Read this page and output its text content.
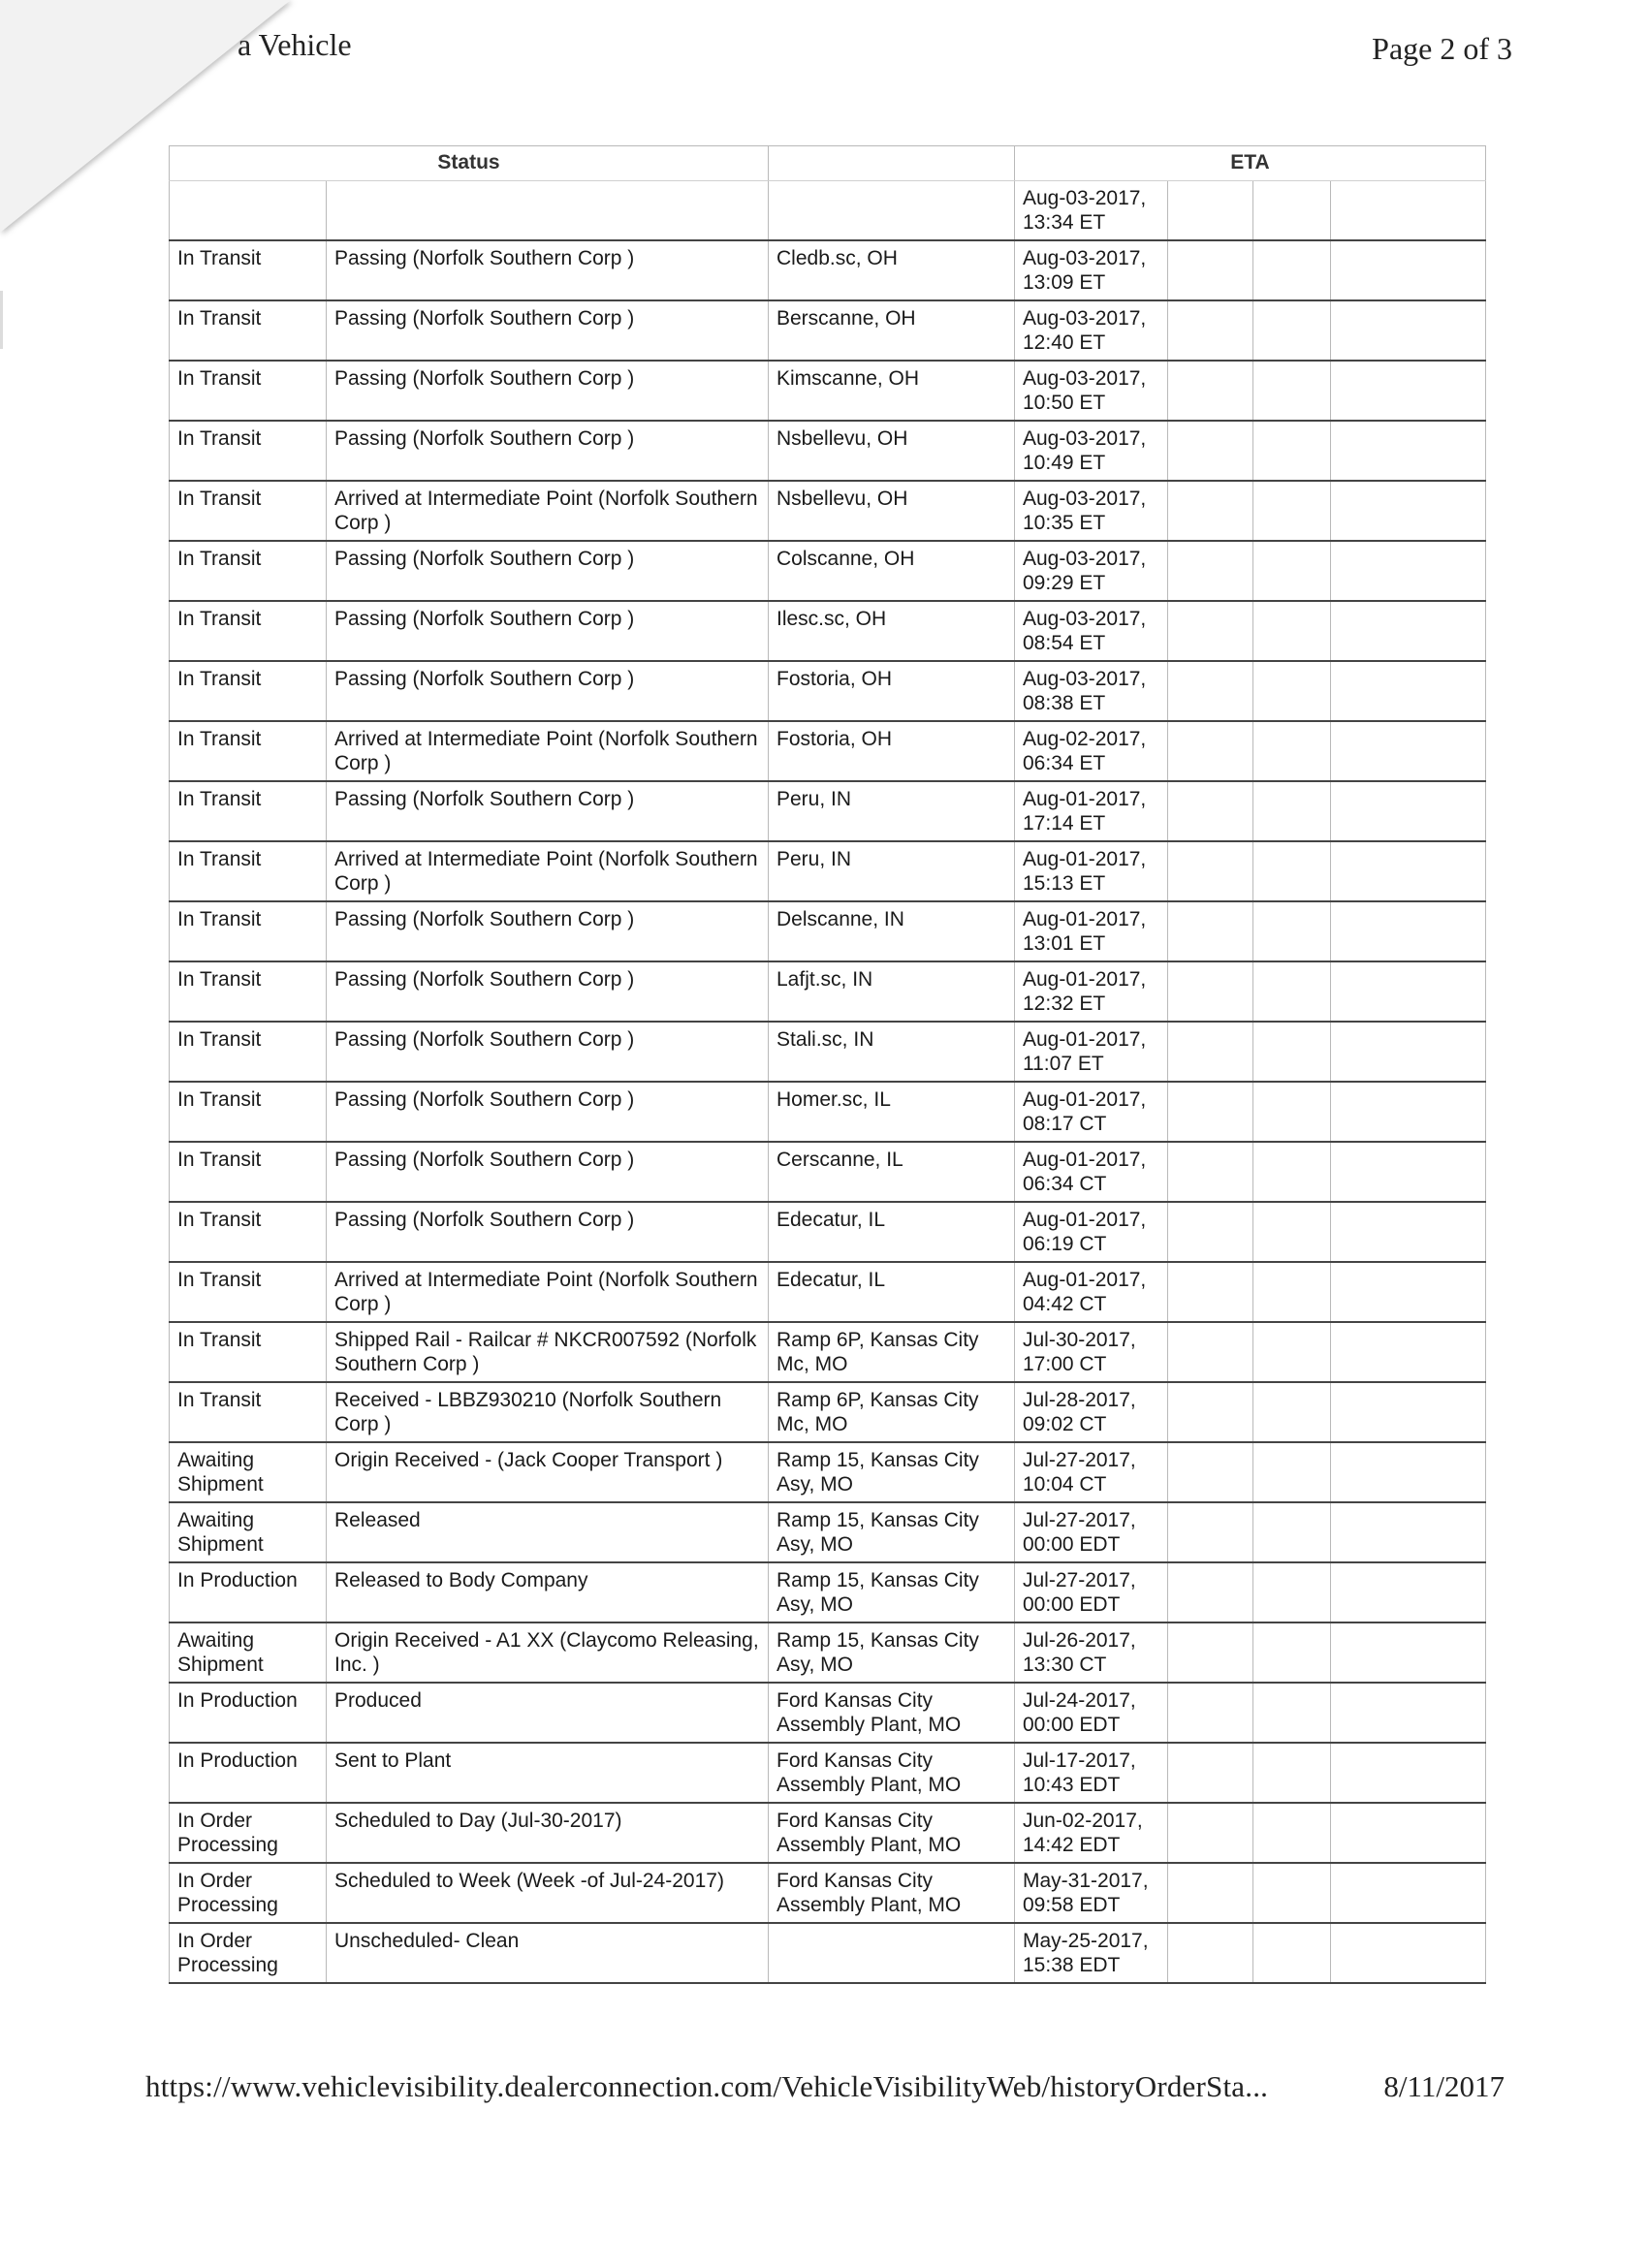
a Vehicle	Page 2 of 3
Status			ETA			
			Aug-03-2017, 13:34 ET			
In Transit	Passing (Norfolk Southern Corp )	Cledb.sc, OH	Aug-03-2017, 13:09 ET			
In Transit	Passing (Norfolk Southern Corp )	Berscanne, OH	Aug-03-2017, 12:40 ET			
In Transit	Passing (Norfolk Southern Corp )	Kimscanne, OH	Aug-03-2017, 10:50 ET			
In Transit	Passing (Norfolk Southern Corp )	Nsbellevu, OH	Aug-03-2017, 10:49 ET			
In Transit	Arrived at Intermediate Point (Norfolk Southern Corp )	Nsbellevu, OH	Aug-03-2017, 10:35 ET			
In Transit	Passing (Norfolk Southern Corp )	Colscanne, OH	Aug-03-2017, 09:29 ET			
In Transit	Passing (Norfolk Southern Corp )	Ilesc.sc, OH	Aug-03-2017, 08:54 ET			
In Transit	Passing (Norfolk Southern Corp )	Fostoria, OH	Aug-03-2017, 08:38 ET			
In Transit	Arrived at Intermediate Point (Norfolk Southern Corp )	Fostoria, OH	Aug-02-2017, 06:34 ET			
In Transit	Passing (Norfolk Southern Corp )	Peru, IN	Aug-01-2017, 17:14 ET			
In Transit	Arrived at Intermediate Point (Norfolk Southern Corp )	Peru, IN	Aug-01-2017, 15:13 ET			
In Transit	Passing (Norfolk Southern Corp )	Delscanne, IN	Aug-01-2017, 13:01 ET			
In Transit	Passing (Norfolk Southern Corp )	Lafjt.sc, IN	Aug-01-2017, 12:32 ET			
In Transit	Passing (Norfolk Southern Corp )	Stali.sc, IN	Aug-01-2017, 11:07 ET			
In Transit	Passing (Norfolk Southern Corp )	Homer.sc, IL	Aug-01-2017, 08:17 CT			
In Transit	Passing (Norfolk Southern Corp )	Cerscanne, IL	Aug-01-2017, 06:34 CT			
In Transit	Passing (Norfolk Southern Corp )	Edecatur, IL	Aug-01-2017, 06:19 CT			
In Transit	Arrived at Intermediate Point (Norfolk Southern Corp )	Edecatur, IL	Aug-01-2017, 04:42 CT			
In Transit	Shipped Rail - Railcar # NKCR007592 (Norfolk Southern Corp )	Ramp 6P, Kansas City Mc, MO	Jul-30-2017, 17:00 CT			
In Transit	Received - LBBZ930210 (Norfolk Southern Corp )	Ramp 6P, Kansas City Mc, MO	Jul-28-2017, 09:02 CT			
Awaiting Shipment	Origin Received - (Jack Cooper Transport )	Ramp 15, Kansas City Asy, MO	Jul-27-2017, 10:04 CT			
Awaiting Shipment	Released	Ramp 15, Kansas City Asy, MO	Jul-27-2017, 00:00 EDT			
In Production	Released to Body Company	Ramp 15, Kansas City Asy, MO	Jul-27-2017, 00:00 EDT			
Awaiting Shipment	Origin Received - A1 XX (Claycomo Releasing, Inc. )	Ramp 15, Kansas City Asy, MO	Jul-26-2017, 13:30 CT			
In Production	Produced	Ford Kansas City Assembly Plant, MO	Jul-24-2017, 00:00 EDT			
In Production	Sent to Plant	Ford Kansas City Assembly Plant, MO	Jul-17-2017, 10:43 EDT			
In Order Processing	Scheduled to Day (Jul-30-2017)	Ford Kansas City Assembly Plant, MO	Jun-02-2017, 14:42 EDT			
In Order Processing	Scheduled to Week (Week -of Jul-24-2017)	Ford Kansas City Assembly Plant, MO	May-31-2017, 09:58 EDT			
In Order Processing	Unscheduled- Clean		May-25-2017, 15:38 EDT			
https://www.vehiclevisibility.dealerconnection.com/VehicleVisibilityWeb/historyOrderSta...	8/11/2017
